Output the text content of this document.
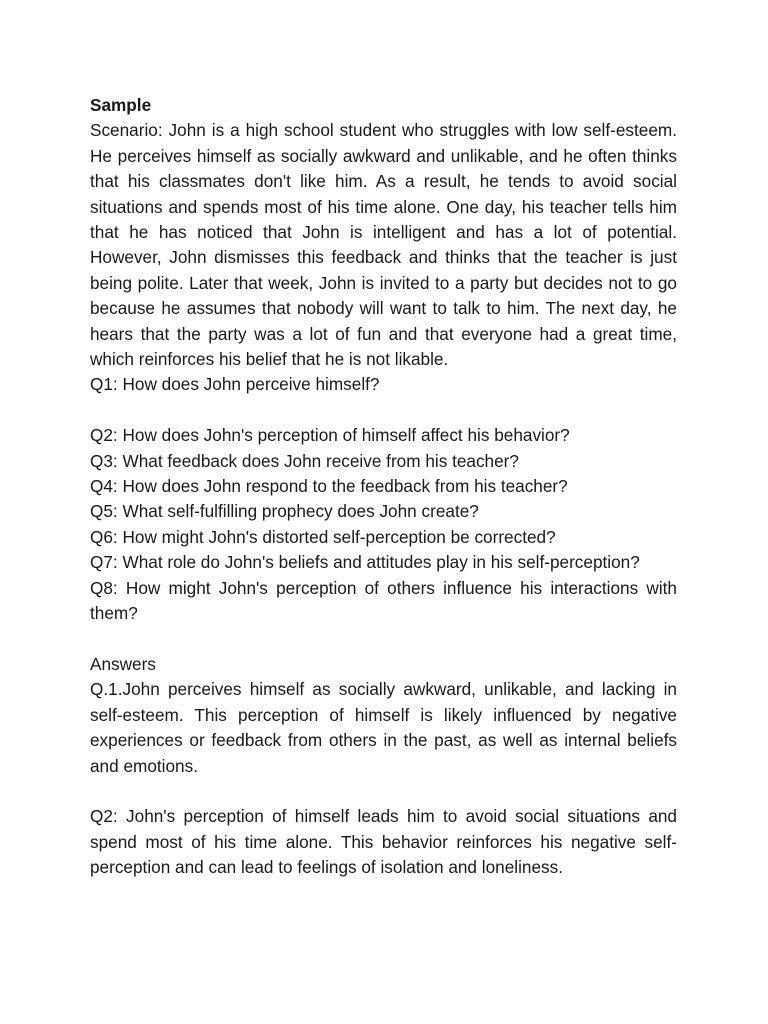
Sample

Scenario: John is a high school student who struggles with low self-esteem. He perceives himself as socially awkward and unlikable, and he often thinks that his classmates don't like him. As a result, he tends to avoid social situations and spends most of his time alone. One day, his teacher tells him that he has noticed that John is intelligent and has a lot of potential. However, John dismisses this feedback and thinks that the teacher is just being polite. Later that week, John is invited to a party but decides not to go because he assumes that nobody will want to talk to him. The next day, he hears that the party was a lot of fun and that everyone had a great time, which reinforces his belief that he is not likable.

Q1: How does John perceive himself?

Q2: How does John's perception of himself affect his behavior?

Q3: What feedback does John receive from his teacher?

Q4: How does John respond to the feedback from his teacher?

Q5: What self-fulfilling prophecy does John create?

Q6: How might John's distorted self-perception be corrected?

Q7: What role do John's beliefs and attitudes play in his self-perception?

Q8: How might John's perception of others influence his interactions with them?

Answers

Q.1.John perceives himself as socially awkward, unlikable, and lacking in self-esteem. This perception of himself is likely influenced by negative experiences or feedback from others in the past, as well as internal beliefs and emotions.

Q2: John's perception of himself leads him to avoid social situations and spend most of his time alone. This behavior reinforces his negative self-perception and can lead to feelings of isolation and loneliness.
